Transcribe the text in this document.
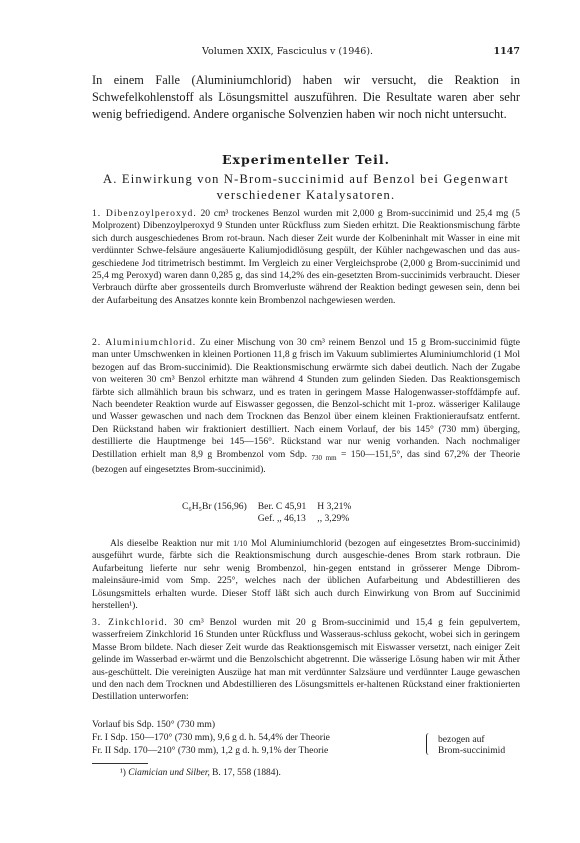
Volumen XXIX, Fasciculus v (1946).	1147
In einem Falle (Aluminiumchlorid) haben wir versucht, die Reaktion in Schwefelkohlenstoff als Lösungsmittel auszuführen. Die Resultate waren aber sehr wenig befriedigend. Andere organische Solvenzien haben wir noch nicht untersucht.
Experimenteller Teil.
A. Einwirkung von N-Brom-succinimid auf Benzol bei Gegenwart verschiedener Katalysatoren.
1. Dibenzoylperoxyd. 20 cm³ trockenes Benzol wurden mit 2,000 g Brom-succinimid und 25,4 mg (5 Molprozent) Dibenzoylperoxyd 9 Stunden unter Rückfluss zum Sieden erhitzt. Die Reaktionsmischung färbte sich durch ausgeschiedenes Brom rot-braun. Nach dieser Zeit wurde der Kolbeninhalt mit Wasser in eine mit verdünnter Schwe-felsäure angesäuerte Kaliumjodidlösung gespült, der Kühler nachgewaschen und das aus-geschiedene Jod titrimetrisch bestimmt. Im Vergleich zu einer Vergleichsprobe (2,000 g Brom-succinimid und 25,4 mg Peroxyd) waren dann 0,285 g, das sind 14,2% des ein-gesetzten Brom-succinimids verbraucht. Dieser Verbrauch dürfte aber grossenteils durch Bromverluste während der Reaktion bedingt gewesen sein, denn bei der Aufarbeitung des Ansatzes konnte kein Brombenzol nachgewiesen werden.
2. Aluminiumchlorid. Zu einer Mischung von 30 cm³ reinem Benzol und 15 g Brom-succinimid fügte man unter Umschwenken in kleinen Portionen 11,8 g frisch im Vakuum sublimiertes Aluminiumchlorid (1 Mol bezogen auf das Brom-succinimid). Die Reaktionsmischung erwärmte sich dabei deutlich. Nach der Zugabe von weiteren 30 cm³ Benzol erhitzte man während 4 Stunden zum gelinden Sieden. Das Reaktionsgemisch färbte sich allmählich braun bis schwarz, und es traten in geringem Masse Halogenwasser-stoffdämpfe auf. Nach beendeter Reaktion wurde auf Eiswasser gegossen, die Benzol-schicht mit 1-proz. wässeriger Kalilauge und Wasser gewaschen und nach dem Trocknen das Benzol über einem kleinen Fraktionieraufsatz entfernt. Den Rückstand haben wir fraktioniert destilliert. Nach einem Vorlauf, der bis 145° (730 mm) überging, destillierte die Hauptmenge bei 145—156°. Rückstand war nur wenig vorhanden. Nach nochmaliger Destillation erhielt man 8,9 g Brombenzol vom Sdp. $_{730 mm}$ = 150—151,5°, das sind 67,2% der Theorie (bezogen auf eingesetztes Brom-succinimid).
C₆H₅Br (156,96)	Ber. C 45,91	H 3,21%
	Gef. ,, 46,13	,, 3,29%
Als dieselbe Reaktion nur mit 1/10 Mol Aluminiumchlorid (bezogen auf eingesetztes Brom-succinimid) ausgeführt wurde, färbte sich die Reaktionsmischung durch ausgeschie-denes Brom stark rotbraun. Die Aufarbeitung lieferte nur sehr wenig Brombenzol, hin-gegen entstand in grösserer Menge Dibrom-maleinsäure-imid vom Smp. 225°, welches nach der üblichen Aufarbeitung und Abdestillieren des Lösungsmittels erhalten wurde. Dieser Stoff läßt sich auch durch Einwirkung von Brom auf Succinimid herstellen¹).
3. Zinkchlorid. 30 cm³ Benzol wurden mit 20 g Brom-succinimid und 15,4 g fein gepulvertem, wasserfreiem Zinkchlorid 16 Stunden unter Rückfluss und Wasseraus-schluss gekocht, wobei sich in geringem Masse Brom bildete. Nach dieser Zeit wurde das Reaktionsgemisch mit Eiswasser versetzt, nach einiger Zeit gelinde im Wasserbad er-wärmt und die Benzolschicht abgetrennt. Die wässerige Lösung haben wir mit Äther aus-geschüttelt. Die vereinigten Auszüge hat man mit verdünnter Salzsäure und verdünnter Lauge gewaschen und den nach dem Trocknen und Abdestillieren des Lösungsmittels er-haltenen Rückstand einer fraktionierten Destillation unterworfen:
Vorlauf bis Sdp. 150° (730 mm)
Fr. I Sdp. 150—170° (730 mm), 9,6 g d. h. 54,4% der Theorie
Fr. II Sdp. 170—210° (730 mm), 1,2 g d. h. 9,1% der Theorie
bezogen auf
Brom-succinimid
¹) Ciamician und Silber, B. 17, 558 (1884).
